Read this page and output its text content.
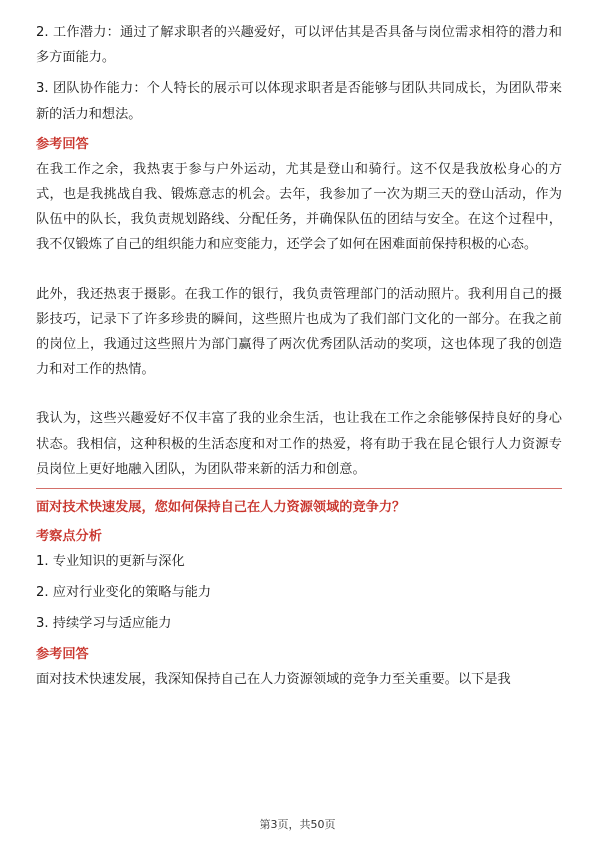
2. 工作潜力：通过了解求职者的兴趣爱好，可以评估其是否具备与岗位需求相符的潜力和多方面能力。

3. 团队协作能力：个人特长的展示可以体现求职者是否能够与团队共同成长，为团队带来新的活力和想法。

参考回答

在我工作之余，我热衷于参与户外运动，尤其是登山和骑行。这不仅是我放松身心的方式，也是我挑战自我、锻炼意志的机会。去年，我参加了一次为期三天的登山活动，作为队伍中的队长，我负责规划路线、分配任务，并确保队伍的团结与安全。在这个过程中，我不仅锻炼了自己的组织能力和应变能力，还学会了如何在困难面前保持积极的心态。

此外，我还热衷于摄影。在我工作的银行，我负责管理部门的活动照片。我利用自己的摄影技巧，记录下了许多珍贵的瞬间，这些照片也成为了我们部门文化的一部分。在我之前的岗位上，我通过这些照片为部门赢得了两次优秀团队活动的奖项，这也体现了我的创造力和对工作的热情。

我认为，这些兴趣爱好不仅丰富了我的业余生活，也让我在工作之余能够保持良好的身心状态。我相信，这种积极的生活态度和对工作的热爱，将有助于我在昆仑银行人力资源专员岗位上更好地融入团队，为团队带来新的活力和创意。

面对技术快速发展，您如何保持自己在人力资源领域的竞争力？

考察点分析

1. 专业知识的更新与深化

2. 应对行业变化的策略与能力

3. 持续学习与适应能力

参考回答

面对技术快速发展，我深知保持自己在人力资源领域的竞争力至关重要。以下是我

第3页，共50页
